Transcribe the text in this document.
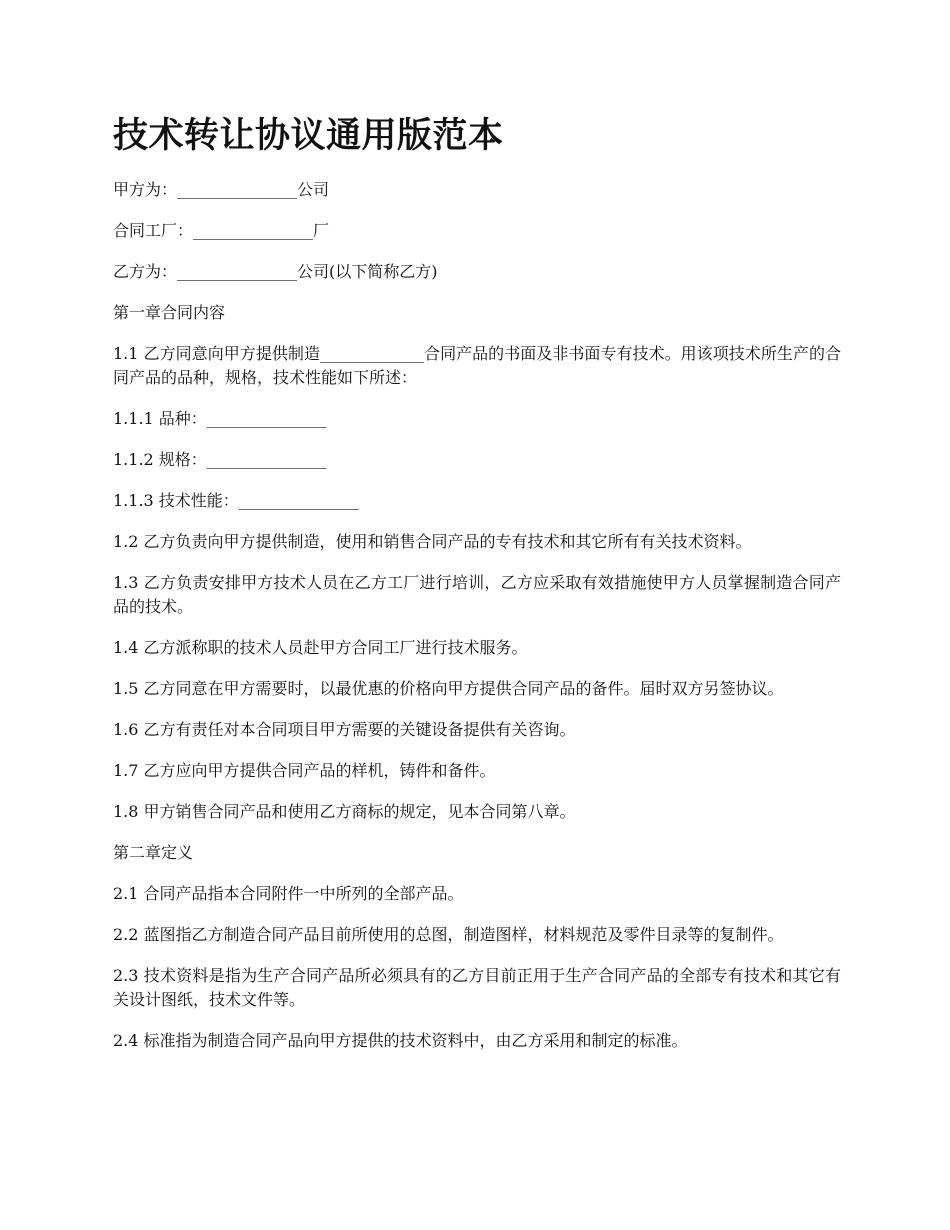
技术转让协议通用版范本

甲方为：_______________公司

合同工厂：_______________厂

乙方为：_______________公司(以下简称乙方)

第一章合同内容

1.1 乙方同意向甲方提供制造_____________合同产品的书面及非书面专有技术。用该项技术所生产的合同产品的品种，规格，技术性能如下所述：

1.1.1 品种：_______________

1.1.2 规格：_______________

1.1.3 技术性能：_______________

1.2 乙方负责向甲方提供制造，使用和销售合同产品的专有技术和其它所有有关技术资料。

1.3 乙方负责安排甲方技术人员在乙方工厂进行培训，乙方应采取有效措施使甲方人员掌握制造合同产品的技术。

1.4 乙方派称职的技术人员赴甲方合同工厂进行技术服务。

1.5 乙方同意在甲方需要时，以最优惠的价格向甲方提供合同产品的备件。届时双方另签协议。

1.6 乙方有责任对本合同项目甲方需要的关键设备提供有关咨询。

1.7 乙方应向甲方提供合同产品的样机，铸件和备件。

1.8 甲方销售合同产品和使用乙方商标的规定，见本合同第八章。

第二章定义

2.1 合同产品指本合同附件一中所列的全部产品。

2.2 蓝图指乙方制造合同产品目前所使用的总图，制造图样，材料规范及零件目录等的复制件。

2.3 技术资料是指为生产合同产品所必须具有的乙方目前正用于生产合同产品的全部专有技术和其它有关设计图纸，技术文件等。

2.4 标准指为制造合同产品向甲方提供的技术资料中，由乙方采用和制定的标准。
